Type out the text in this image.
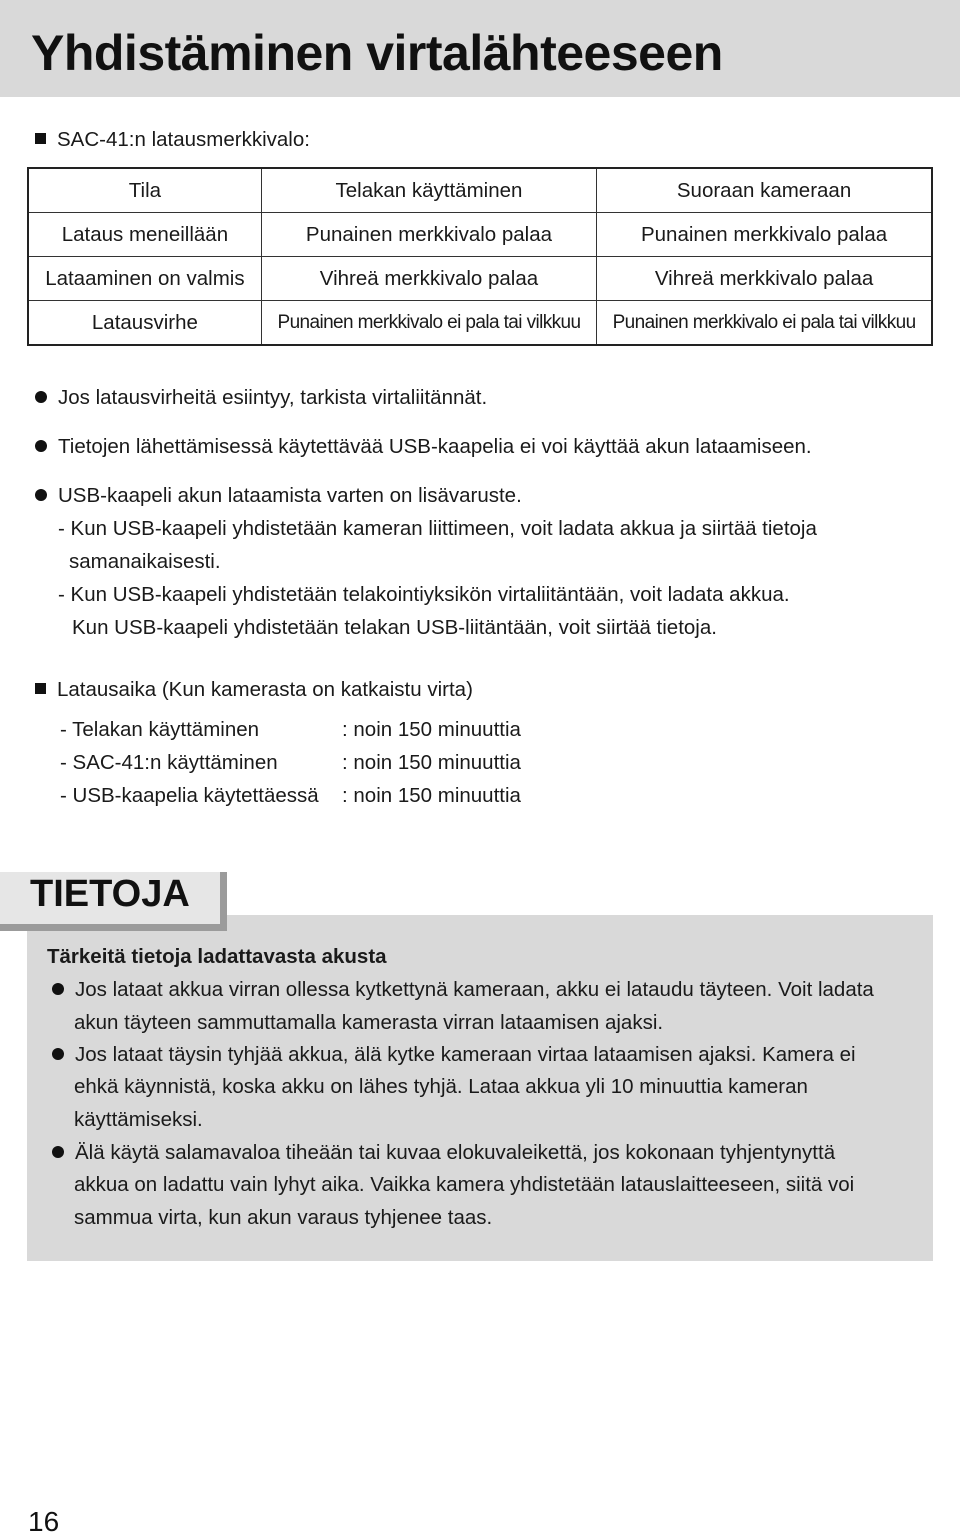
Yhdistäminen virtalähteeseen
SAC-41:n latausmerkkivalo:
Tila	Telakan käyttäminen	Suoraan kameraan
Lataus meneillään	Punainen merkkivalo palaa	Punainen merkkivalo palaa
Lataaminen on valmis	Vihreä merkkivalo palaa	Vihreä merkkivalo palaa
Latausvirhe	Punainen merkkivalo ei pala tai vilkkuu	Punainen merkkivalo ei pala tai vilkkuu
Jos latausvirheitä esiintyy, tarkista virtaliitännät.
Tietojen lähettämisessä käytettävää USB-kaapelia ei voi käyttää akun lataamiseen.
USB-kaapeli akun lataamista varten on lisävaruste.
- Kun USB-kaapeli yhdistetään kameran liittimeen, voit ladata akkua ja siirtää tietoja
samanaikaisesti.
- Kun USB-kaapeli yhdistetään telakointiyksikön virtaliitäntään, voit ladata akkua.
Kun USB-kaapeli yhdistetään telakan USB-liitäntään, voit siirtää tietoja.
Latausaika (Kun kamerasta on katkaistu virta)
- Telakan käyttäminen	: noin 150 minuuttia
- SAC-41:n käyttäminen	: noin 150 minuuttia
- USB-kaapelia käytettäessä : noin 150 minuuttia
TIETOJA
Tärkeitä tietoja ladattavasta akusta
Jos lataat akkua virran ollessa kytkettynä kameraan, akku ei lataudu täyteen. Voit ladata
akun täyteen sammuttamalla kamerasta virran lataamisen ajaksi.
Jos lataat täysin tyhjää akkua, älä kytke kameraan virtaa lataamisen ajaksi. Kamera ei
ehkä käynnistä, koska akku on lähes tyhjä. Lataa akkua yli 10 minuuttia kameran
käyttämiseksi.
Älä käytä salamavaloa tiheään tai kuvaa elokuvaleikettä, jos kokonaan tyhjentynyttä
akkua on ladattu vain lyhyt aika. Vaikka kamera yhdistetään latauslaitteeseen, siitä voi
sammua virta, kun akun varaus tyhjenee taas.
16
